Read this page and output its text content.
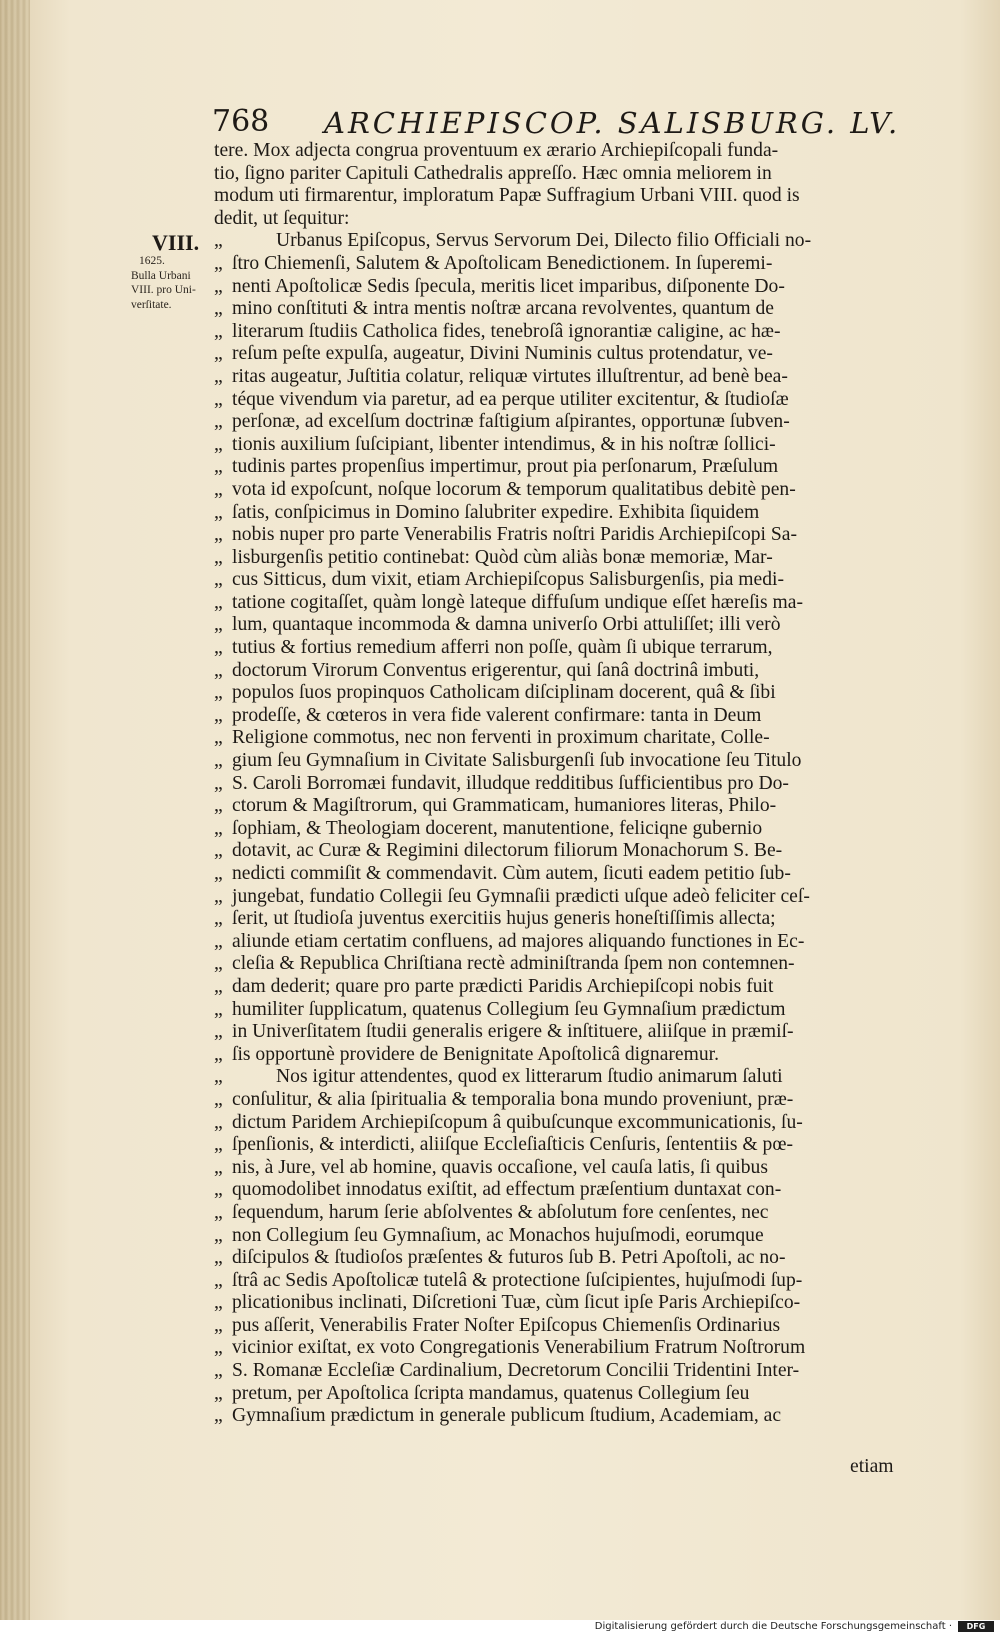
768 ARCHIEPISCOP. SALISBURG. LV.
VIII.
1625.
Bulla Urbani
VIII. pro Uni-
verſitate.
tere. Mox adjecta congrua proventuum ex ærario Archiepiſcopali funda-
tio, ſigno pariter Capituli Cathedralis appreſſo. Hæc omnia meliorem in
modum uti firmarentur, imploratum Papæ Suffragium Urbani VIII. quod is
dedit, ut ſequitur:
„	Urbanus Epiſcopus, Servus Servorum Dei, Dilecto filio Officiali no-
„ ſtro Chiemenſi, Salutem & Apoſtolicam Benedictionem. In ſuperemi-
„ nenti Apoſtolicæ Sedis ſpecula, meritis licet imparibus, diſponente Do-
„ mino conſtituti & intra mentis noſtræ arcana revolventes, quantum de
„ literarum ſtudiis Catholica fides, tenebroſâ ignorantiæ caligine, ac hæ-
„ reſum peſte expulſa, augeatur, Divini Numinis cultus protendatur, ve-
„ ritas augeatur, Juſtitia colatur, reliquæ virtutes illuſtrentur, ad benè bea-
„ téque vivendum via paretur, ad ea perque utiliter excitentur, & ſtudioſæ
„ perſonæ, ad excelſum doctrinæ faſtigium aſpirantes, opportunæ ſubven-
„ tionis auxilium ſuſcipiant, libenter intendimus, & in his noſtræ ſollici-
„ tudinis partes propenſius impertimur, prout pia perſonarum, Præſulum
„ vota id expoſcunt, noſque locorum & temporum qualitatibus debitè pen-
„ ſatis, conſpicimus in Domino ſalubriter expedire. Exhibita ſiquidem
„ nobis nuper pro parte Venerabilis Fratris noſtri Paridis Archiepiſcopi Sa-
„ lisburgenſis petitio continebat: Quòd cùm aliàs bonæ memoriæ, Mar-
„ cus Sitticus, dum vixit, etiam Archiepiſcopus Salisburgenſis, pia medi-
„ tatione cogitaſſet, quàm longè lateque diffuſum undique eſſet hæreſis ma-
„ lum, quantaque incommoda & damna univerſo Orbi attuliſſet; illi verò
„ tutius & fortius remedium afferri non poſſe, quàm ſi ubique terrarum,
„ doctorum Virorum Conventus erigerentur, qui ſanâ doctrinâ imbuti,
„ populos ſuos propinquos Catholicam diſciplinam docerent, quâ & ſibi
„ prodeſſe, & cœteros in vera fide valerent confirmare: tanta in Deum
„ Religione commotus, nec non ferventi in proximum charitate, Colle-
„ gium ſeu Gymnaſium in Civitate Salisburgenſi ſub invocatione ſeu Titulo
„ S. Caroli Borromæi fundavit, illudque redditibus ſufficientibus pro Do-
„ ctorum & Magiſtrorum, qui Grammaticam, humaniores literas, Philo-
„ ſophiam, & Theologiam docerent, manutentione, feliciqne gubernio
„ dotavit, ac Curæ & Regimini dilectorum filiorum Monachorum S. Be-
„ nedicti commiſit & commendavit. Cùm autem, ſicuti eadem petitio ſub-
„ jungebat, fundatio Collegii ſeu Gymnaſii prædicti uſque adeò feliciter ceſ-
„ ſerit, ut ſtudioſa juventus exercitiis hujus generis honeſtiſſimis allecta;
„ aliunde etiam certatim confluens, ad majores aliquando functiones in Ec-
„ cleſia & Republica Chriſtiana rectè adminiſtranda ſpem non contemnen-
„ dam dederit; quare pro parte prædicti Paridis Archiepiſcopi nobis fuit
„ humiliter ſupplicatum, quatenus Collegium ſeu Gymnaſium prædictum
„ in Univerſitatem ſtudii generalis erigere & inſtituere, aliiſque in præmiſ-
„ ſis opportunè providere de Benignitate Apoſtolicâ dignaremur.
„	Nos igitur attendentes, quod ex litterarum ſtudio animarum ſaluti
„ conſulitur, & alia ſpiritualia & temporalia bona mundo proveniunt, præ-
„ dictum Paridem Archiepiſcopum â quibuſcunque excommunicationis, ſu-
„ ſpenſionis, & interdicti, aliiſque Eccleſiaſticis Cenſuris, ſententiis & pœ-
„ nis, à Jure, vel ab homine, quavis occaſione, vel cauſa latis, ſi quibus
„ quomodolibet innodatus exiſtit, ad effectum præſentium duntaxat con-
„ ſequendum, harum ſerie abſolventes & abſolutum fore cenſentes, nec
„ non Collegium ſeu Gymnaſium, ac Monachos hujuſmodi, eorumque
„ diſcipulos & ſtudioſos præſentes & futuros ſub B. Petri Apoſtoli, ac no-
„ ſtrâ ac Sedis Apoſtolicæ tutelâ & protectione ſuſcipientes, hujuſmodi ſup-
„ plicationibus inclinati, Diſcretioni Tuæ, cùm ſicut ipſe Paris Archiepiſco-
„ pus aſſerit, Venerabilis Frater Noſter Epiſcopus Chiemenſis Ordinarius
„ vicinior exiſtat, ex voto Congregationis Venerabilium Fratrum Noſtrorum
„ S. Romanæ Eccleſiæ Cardinalium, Decretorum Concilii Tridentini Inter-
„ pretum, per Apoſtolica ſcripta mandamus, quatenus Collegium ſeu
„ Gymnaſium prædictum in generale publicum ſtudium, Academiam, ac
etiam
Digitalisierung gefördert durch die Deutsche Forschungsgemeinschaft ·	DFG
